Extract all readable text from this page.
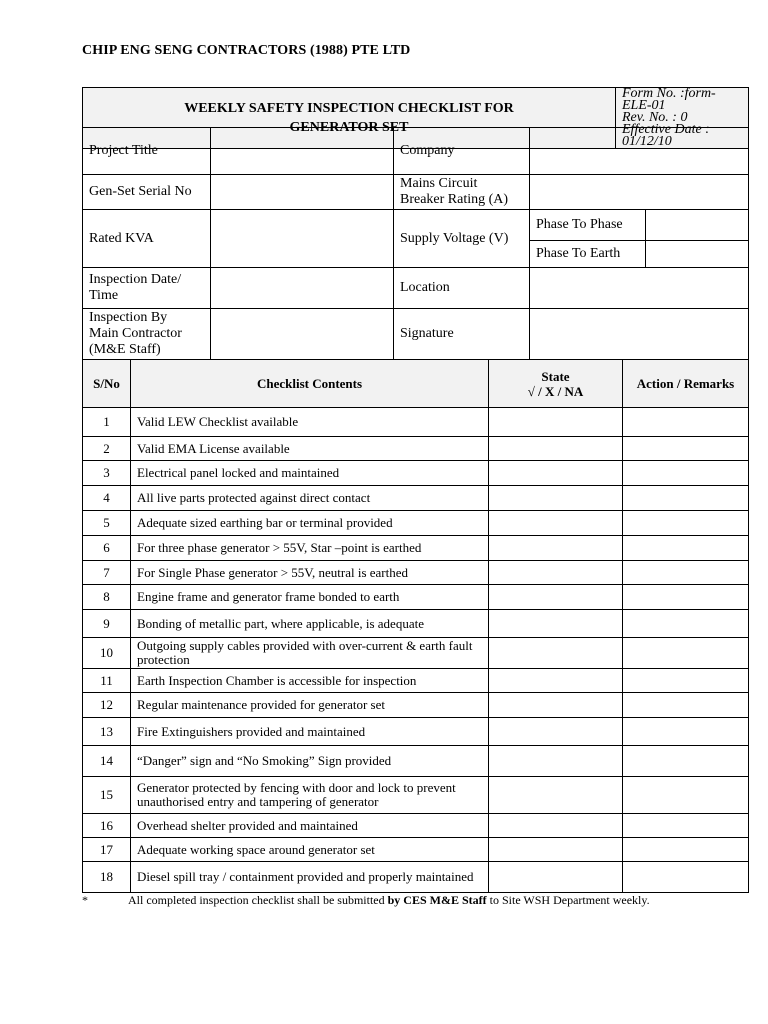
CHIP ENG SENG CONTRACTORS (1988) PTE LTD
WEEKLY SAFETY INSPECTION CHECKLIST FOR
GENERATOR SET

Form No. :form-ELE-01
Rev. No. : 0
Effective Date : 01/12/10
Project Title		Company		
Gen-Set Serial No		Mains Circuit
Breaker Rating (A)		

Rated KVA		Supply Voltage (V)	Phase To Phase	
			Phase To Earth	

Inspection Date/
Time		Location		

Inspection By
Main Contractor
(M&E Staff)		Signature		
S/No	Checklist Contents	State
√ / X / NA	Action / Remarks
1	Valid LEW Checklist available		
2	Valid EMA License available		
3	Electrical panel locked and maintained		
4	All live parts protected against direct contact		
5	Adequate sized earthing bar or terminal provided		
6	For three phase generator > 55V, Star –point is earthed		
7	For Single Phase generator > 55V, neutral is earthed		
8	Engine frame and generator frame bonded to earth		
9	Bonding of metallic part, where applicable, is adequate		
10	Outgoing supply cables provided with over-current & earth fault protection		
11	Earth Inspection Chamber is accessible for inspection		
12	Regular maintenance provided for generator set		
13	Fire Extinguishers provided and maintained		
14	“Danger” sign and “No Smoking” Sign provided		
15	Generator protected by fencing with door and lock to prevent unauthorised entry and tampering of generator		
16	Overhead shelter provided and maintained		
17	Adequate working space around generator set		
18	Diesel spill tray / containment provided and properly maintained		
*	All completed inspection checklist shall be submitted by CES M&E Staff to Site WSH Department weekly.
